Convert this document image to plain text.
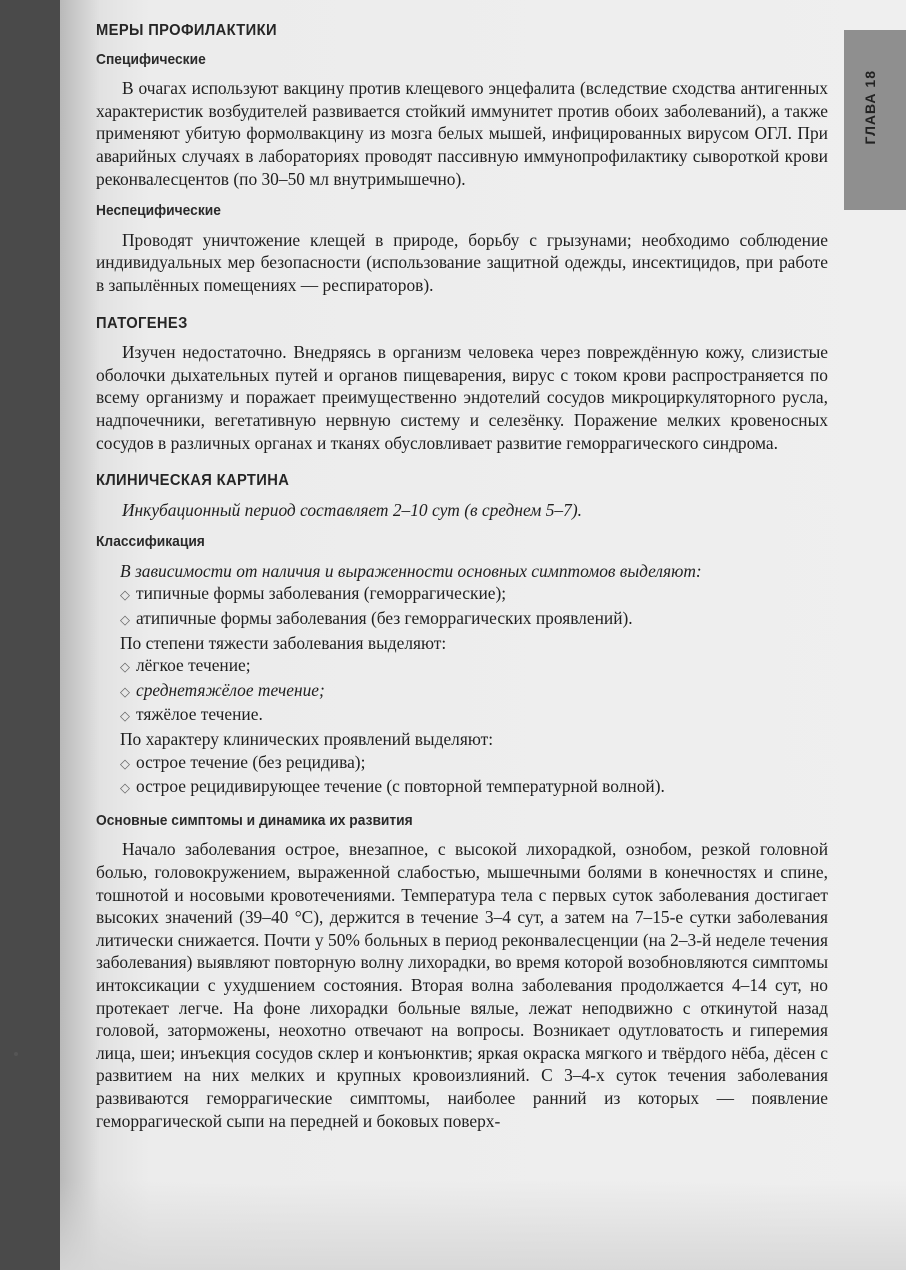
ГЛАВА 18
МЕРЫ ПРОФИЛАКТИКИ
Специфические

В очагах используют вакцину против клещевого энцефалита (вследствие сходства антигенных характеристик возбудителей развивается стойкий иммунитет против обоих заболеваний), а также применяют убитую формолвакцину из мозга белых мышей, инфицированных вирусом ОГЛ. При аварийных случаях в лабораториях проводят пассивную иммунопрофилактику сывороткой крови реконвалесцентов (по 30–50 мл внутримышечно).

Неспецифические

Проводят уничтожение клещей в природе, борьбу с грызунами; необходимо соблюдение индивидуальных мер безопасности (использование защитной одежды, инсектицидов, при работе в запылённых помещениях — респираторов).

ПАТОГЕНЕЗ

Изучен недостаточно. Внедряясь в организм человека через повреждённую кожу, слизистые оболочки дыхательных путей и органов пищеварения, вирус с током крови распространяется по всему организму и поражает преимущественно эндотелий сосудов микроциркуляторного русла, надпочечники, вегетативную нервную систему и селезёнку. Поражение мелких кровеносных сосудов в различных органах и тканях обусловливает развитие геморрагического синдрома.

КЛИНИЧЕСКАЯ КАРТИНА

Инкубационный период составляет 2–10 сут (в среднем 5–7).

Классификация
В зависимости от наличия и выраженности основных симптомов выделяют:
◇ типичные формы заболевания (геморрагические);
◇ атипичные формы заболевания (без геморрагических проявлений).
По степени тяжести заболевания выделяют:
◇ лёгкое течение;
◇ среднетяжёлое течение;
◇ тяжёлое течение.
По характеру клинических проявлений выделяют:
◇ острое течение (без рецидива);
◇ острое рецидивирующее течение (с повторной температурной волной).
Основные симптомы и динамика их развития

Начало заболевания острое, внезапное, с высокой лихорадкой, ознобом, резкой головной болью, головокружением, выраженной слабостью, мышечными болями в конечностях и спине, тошнотой и носовыми кровотечениями. Температура тела с первых суток заболевания достигает высоких значений (39–40 °C), держится в течение 3–4 сут, а затем на 7–15-е сутки заболевания литически снижается. Почти у 50% больных в период реконвалесценции (на 2–3-й неделе течения заболевания) выявляют повторную волну лихорадки, во время которой возобновляются симптомы интоксикации с ухудшением состояния. Вторая волна заболевания продолжается 4–14 сут, но протекает легче. На фоне лихорадки больные вялые, лежат неподвижно с откинутой назад головой, заторможены, неохотно отвечают на вопросы. Возникает одутловатость и гиперемия лица, шеи; инъекция сосудов склер и конъюнктив; яркая окраска мягкого и твёрдого нёба, дёсен с развитием на них мелких и крупных кровоизлияний. С 3–4-х суток течения заболевания развиваются геморрагические симптомы, наиболее ранний из которых — появление геморрагической сыпи на передней и боковых поверх-
